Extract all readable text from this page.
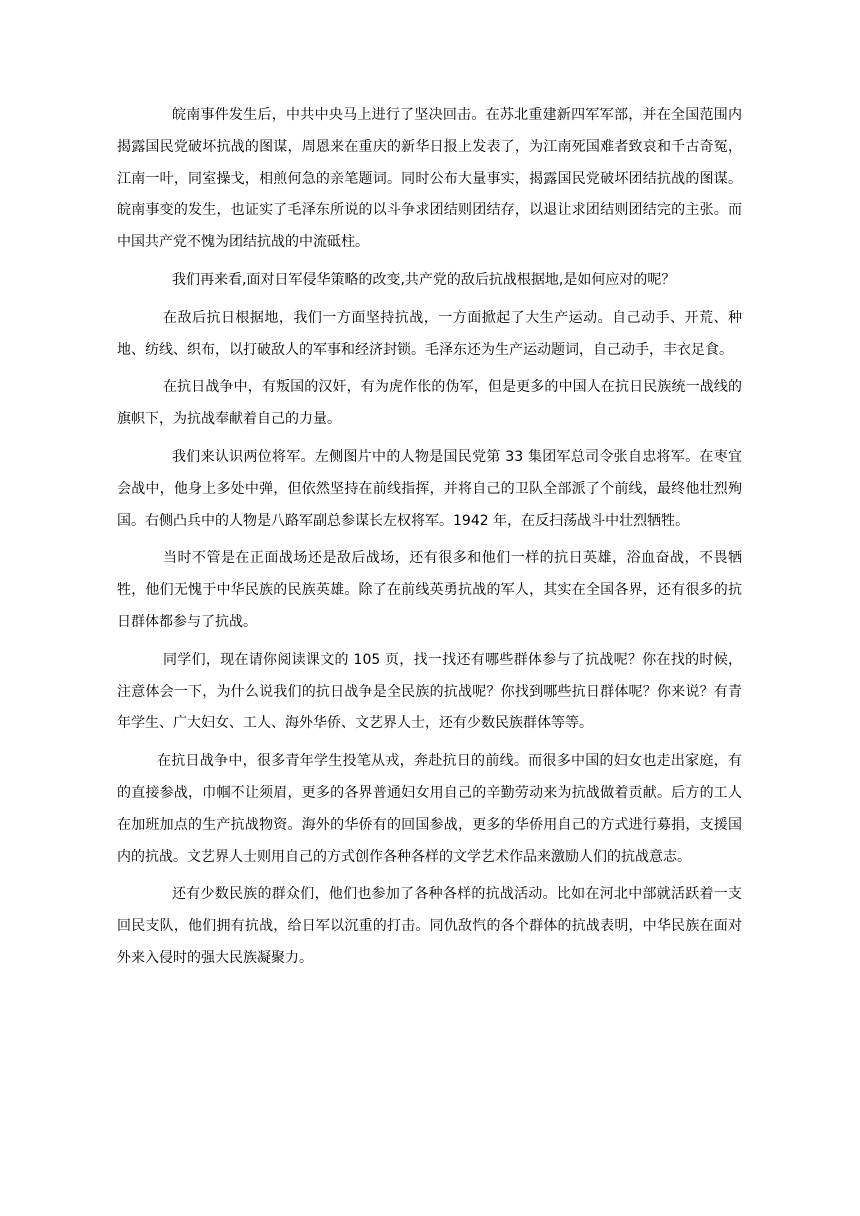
皖南事件发生后，中共中央马上进行了坚决回击。在苏北重建新四军军部，并在全国范围内揭露国民党破坏抗战的图谋，周恩来在重庆的新华日报上发表了，为江南死国难者致哀和千古奇冤，江南一叶，同室操戈，相煎何急的亲笔题词。同时公布大量事实，揭露国民党破坏团结抗战的图谋。皖南事变的发生，也证实了毛泽东所说的以斗争求团结则团结存，以退让求团结则团结完的主张。而中国共产党不愧为团结抗战的中流砥柱。

我们再来看,面对日军侵华策略的改变,共产党的敌后抗战根据地,是如何应对的呢？

在敌后抗日根据地，我们一方面坚持抗战，一方面掀起了大生产运动。自己动手、开荒、种地、纺线、织布，以打破敌人的军事和经济封锁。毛泽东还为生产运动题词，自己动手，丰衣足食。

在抗日战争中，有叛国的汉奸，有为虎作伥的伪军，但是更多的中国人在抗日民族统一战线的旗帜下，为抗战奉献着自己的力量。

我们来认识两位将军。左侧图片中的人物是国民党第 33 集团军总司令张自忠将军。在枣宜会战中，他身上多处中弹，但依然坚持在前线指挥，并将自己的卫队全部派了个前线，最终他壮烈殉国。右侧凸兵中的人物是八路军副总参谋长左权将军。1942 年，在反扫荡战斗中壮烈牺牲。

当时不管是在正面战场还是敌后战场，还有很多和他们一样的抗日英雄，浴血奋战，不畏牺牲，他们无愧于中华民族的民族英雄。除了在前线英勇抗战的军人，其实在全国各界，还有很多的抗日群体都参与了抗战。

同学们，现在请你阅读课文的 105 页，找一找还有哪些群体参与了抗战呢？你在找的时候，注意体会一下，为什么说我们的抗日战争是全民族的抗战呢？你找到哪些抗日群体呢？你来说？有青年学生、广大妇女、工人、海外华侨、文艺界人士，还有少数民族群体等等。

在抗日战争中，很多青年学生投笔从戎，奔赴抗日的前线。而很多中国的妇女也走出家庭，有的直接参战，巾帼不让须眉，更多的各界普通妇女用自己的辛勤劳动来为抗战做着贡献。后方的工人在加班加点的生产抗战物资。海外的华侨有的回国参战，更多的华侨用自己的方式进行募捐，支援国内的抗战。文艺界人士则用自己的方式创作各种各样的文学艺术作品来激励人们的抗战意志。

还有少数民族的群众们，他们也参加了各种各样的抗战活动。比如在河北中部就活跃着一支回民支队，他们拥有抗战，给日军以沉重的打击。同仇敌忾的各个群体的抗战表明，中华民族在面对外来入侵时的强大民族凝聚力。
